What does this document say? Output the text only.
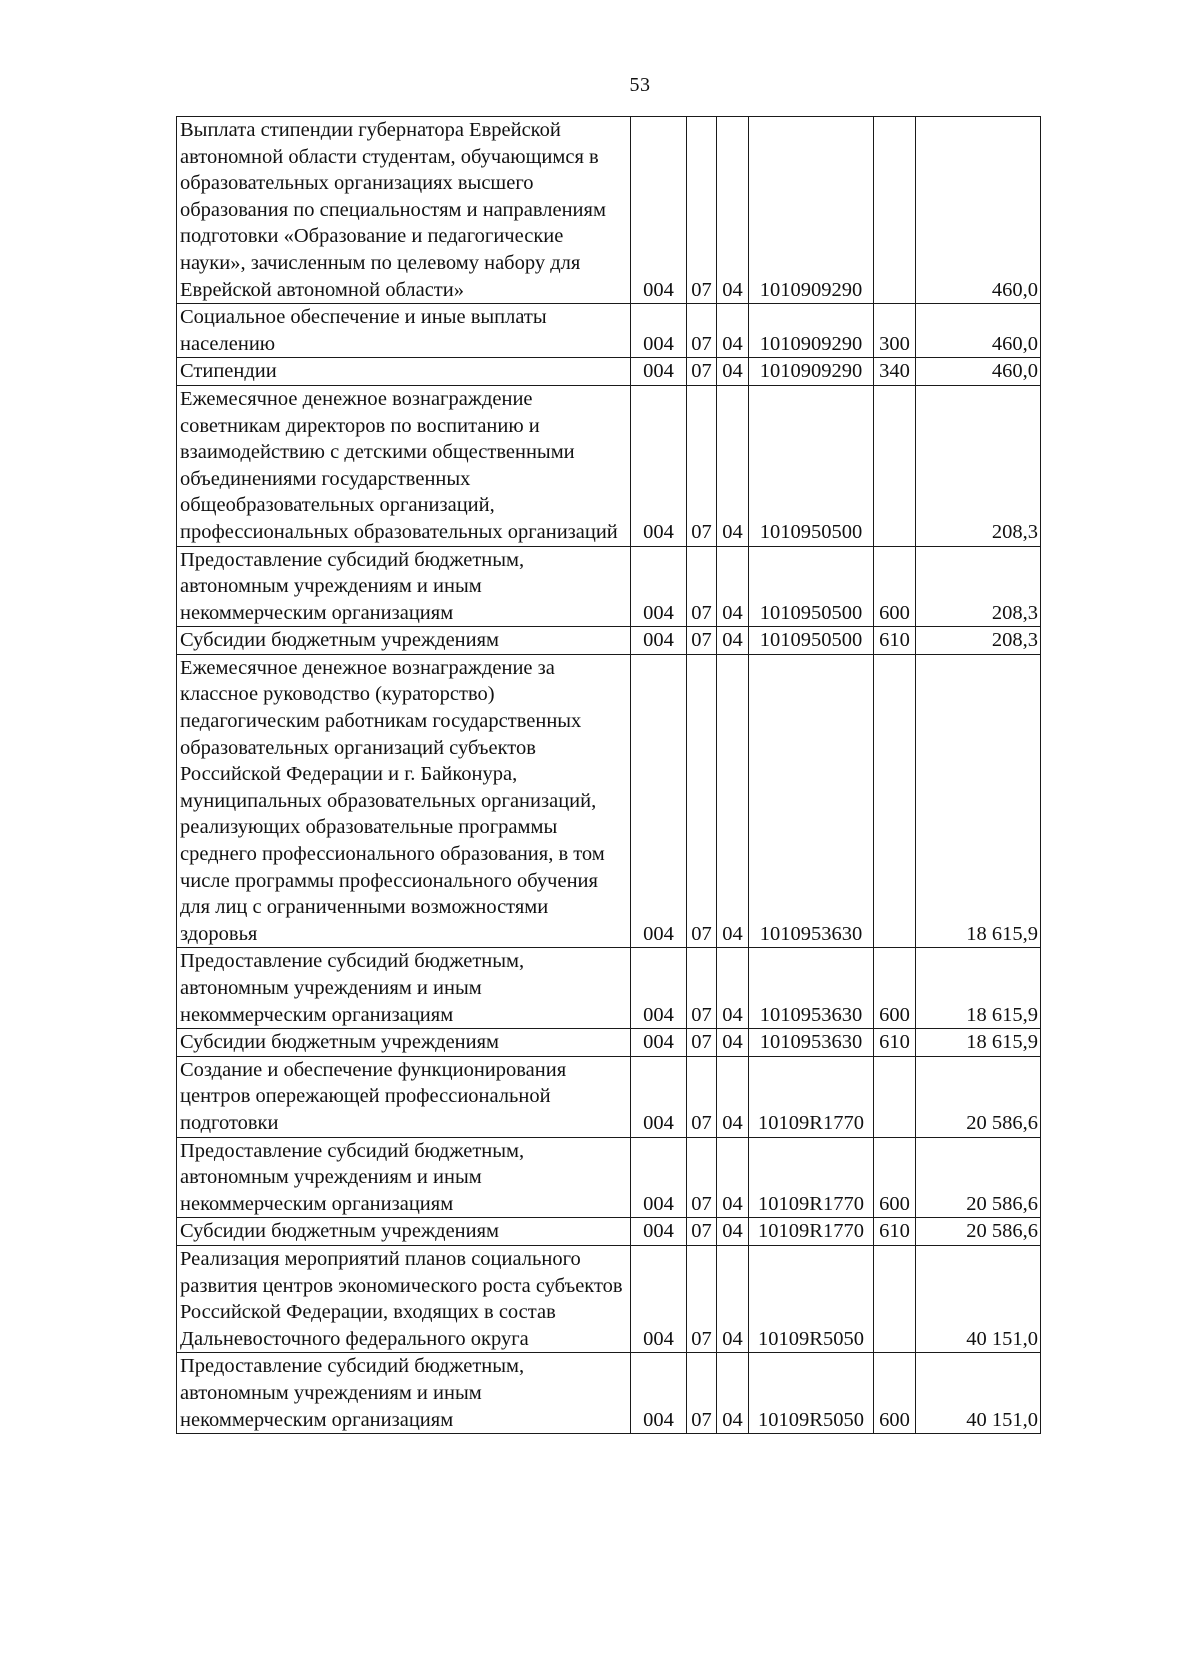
53
Выплата стипендии губернатора Еврейской автономной области студентам, обучающимся в образовательных организациях высшего образования по специальностям и направлениям подготовки «Образование и педагогические науки», зачисленным по целевому набору для Еврейской автономной области»	004	07	04	1010909290		460,0
Социальное обеспечение и иные выплаты населению	004	07	04	1010909290	300	460,0
Стипендии	004	07	04	1010909290	340	460,0
Ежемесячное денежное вознаграждение советникам директоров по воспитанию и взаимодействию с детскими общественными объединениями государственных общеобразовательных организаций, профессиональных образовательных организаций	004	07	04	1010950500		208,3
Предоставление субсидий бюджетным, автономным учреждениям и иным некоммерческим организациям	004	07	04	1010950500	600	208,3
Субсидии бюджетным учреждениям	004	07	04	1010950500	610	208,3
Ежемесячное денежное вознаграждение за классное руководство (кураторство) педагогическим работникам государственных образовательных организаций субъектов Российской Федерации и г. Байконура, муниципальных образовательных организаций, реализующих образовательные программы среднего профессионального образования, в том числе программы профессионального обучения для лиц с ограниченными возможностями здоровья	004	07	04	1010953630		18 615,9
Предоставление субсидий бюджетным, автономным учреждениям и иным некоммерческим организациям	004	07	04	1010953630	600	18 615,9
Субсидии бюджетным учреждениям	004	07	04	1010953630	610	18 615,9
Создание и обеспечение функционирования центров опережающей профессиональной подготовки	004	07	04	10109R1770		20 586,6
Предоставление субсидий бюджетным, автономным учреждениям и иным некоммерческим организациям	004	07	04	10109R1770	600	20 586,6
Субсидии бюджетным учреждениям	004	07	04	10109R1770	610	20 586,6
Реализация мероприятий планов социального развития центров экономического роста субъектов Российской Федерации, входящих в состав Дальневосточного федерального округа	004	07	04	10109R5050		40 151,0
Предоставление субсидий бюджетным, автономным учреждениям и иным некоммерческим организациям	004	07	04	10109R5050	600	40 151,0
